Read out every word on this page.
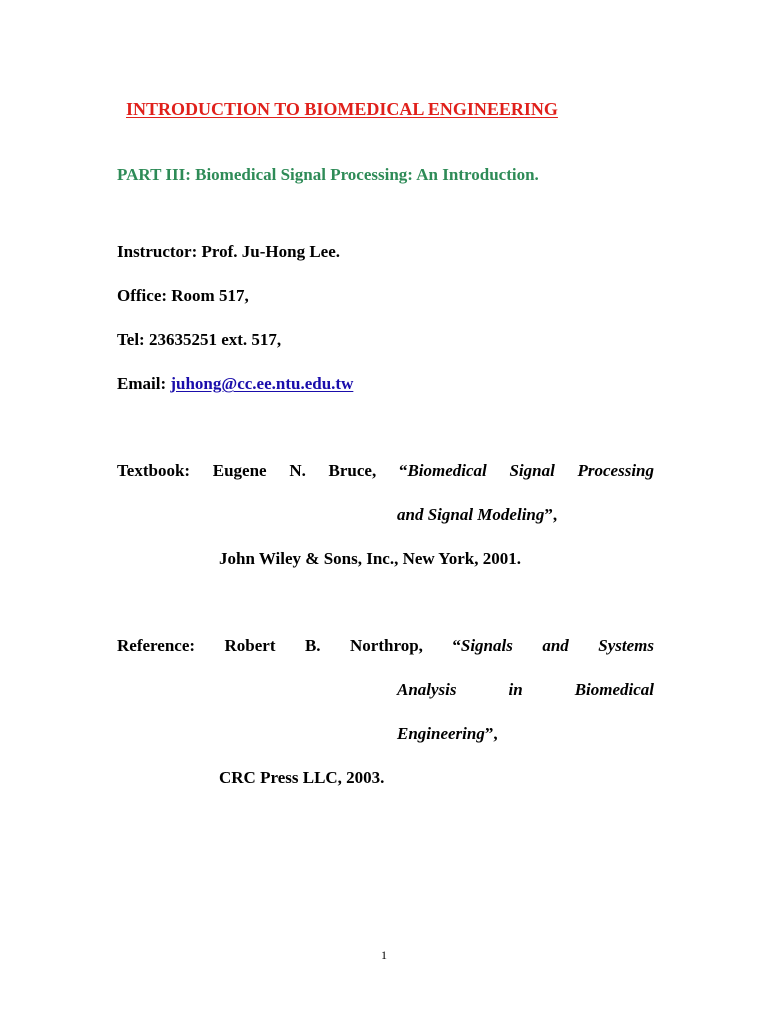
INTRODUCTION TO BIOMEDICAL ENGINEERING
PART III: Biomedical Signal Processing: An Introduction.
Instructor: Prof. Ju-Hong Lee.
Office: Room 517,
Tel: 23635251 ext. 517,
Email: juhong@cc.ee.ntu.edu.tw
Textbook: Eugene N. Bruce, “Biomedical Signal Processing
and Signal Modeling”,
John Wiley & Sons, Inc., New York, 2001.
Reference: Robert B. Northrop, “Signals and Systems
Analysis	in	Biomedical
Engineering”,
CRC Press LLC, 2003.
1
